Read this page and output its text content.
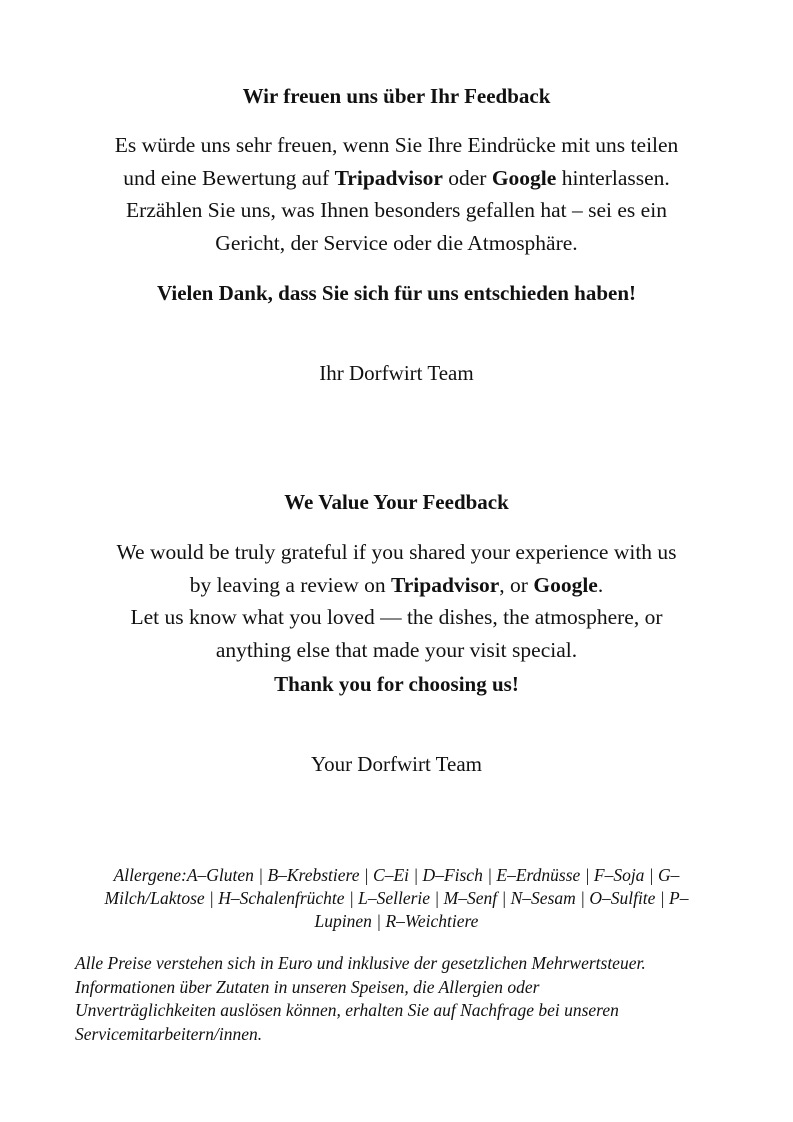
Wir freuen uns über Ihr Feedback
Es würde uns sehr freuen, wenn Sie Ihre Eindrücke mit uns teilen
und eine Bewertung auf Tripadvisor oder Google hinterlassen.
Erzählen Sie uns, was Ihnen besonders gefallen hat – sei es ein
Gericht, der Service oder die Atmosphäre.
Vielen Dank, dass Sie sich für uns entschieden haben!
Ihr Dorfwirt Team
We Value Your Feedback
We would be truly grateful if you shared your experience with us
by leaving a review on Tripadvisor, or Google.
Let us know what you loved — the dishes, the atmosphere, or
anything else that made your visit special.
Thank you for choosing us!
Your Dorfwirt Team
Allergene:A–Gluten | B–Krebstiere | C–Ei | D–Fisch | E–Erdnüsse | F–Soja | G–
Milch/Laktose | H–Schalenfrüchte | L–Sellerie | M–Senf | N–Sesam | O–Sulfite | P–
Lupinen | R–Weichtiere
Alle Preise verstehen sich in Euro und inklusive der gesetzlichen Mehrwertsteuer.
Informationen über Zutaten in unseren Speisen, die Allergien oder
Unverträglichkeiten auslösen können, erhalten Sie auf Nachfrage bei unseren
Servicemitarbeitern/innen.
